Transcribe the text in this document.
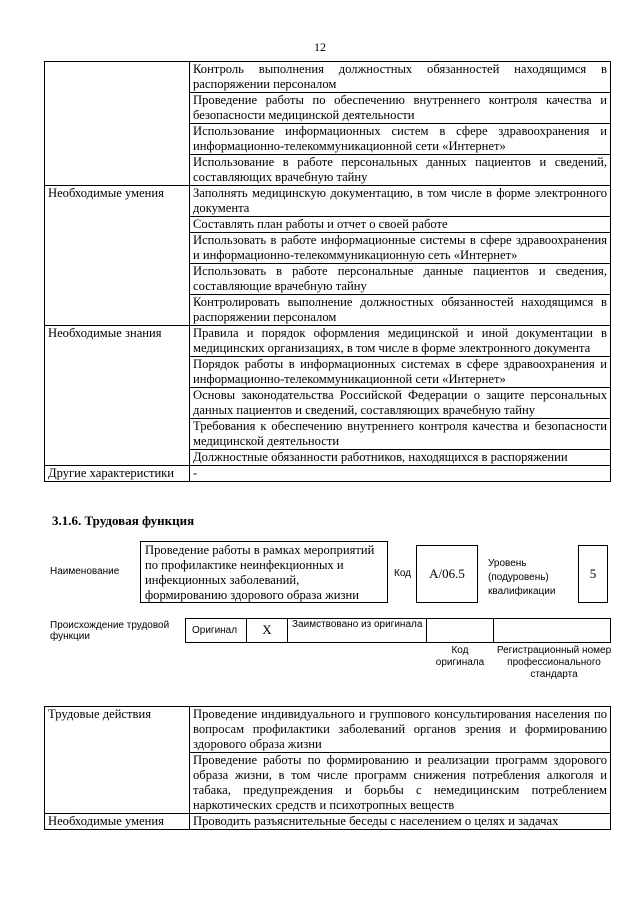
12
	Контроль выполнения должностных обязанностей находящимся в распоряжении персоналом
	Проведение работы по обеспечению внутреннего контроля качества и безопасности медицинской деятельности
	Использование информационных систем в сфере здравоохранения и информационно-телекоммуникационной сети «Интернет»
	Использование в работе персональных данных пациентов и сведений, составляющих врачебную тайну
Необходимые умения	Заполнять медицинскую документацию, в том числе в форме электронного документа
	Составлять план работы и отчет о своей работе
	Использовать в работе информационные системы в сфере здравоохранения и информационно-телекоммуникационную сеть «Интернет»
	Использовать в работе персональные данные пациентов и сведения, составляющие врачебную тайну
	Контролировать выполнение должностных обязанностей находящимся в распоряжении персоналом
Необходимые знания	Правила и порядок оформления медицинской и иной документации в медицинских организациях, в том числе в форме электронного документа
	Порядок работы в информационных системах в сфере здравоохранения и информационно-телекоммуникационной сети «Интернет»
	Основы законодательства Российской Федерации о защите персональных данных пациентов и сведений, составляющих врачебную тайну
	Требования к обеспечению внутреннего контроля качества и безопасности медицинской деятельности
	Должностные обязанности работников, находящихся в распоряжении
Другие характеристики	-
3.1.6. Трудовая функция
Наименование
Проведение работы в рамках мероприятий по профилактике неинфекционных и инфекционных заболеваний, формированию здорового образа жизни
Код	А/06.5
Уровень (подуровень) квалификации
5
Происхождение трудовой функции
Оригинал	X	Заимствовано из оригинала
Код оригинала
Регистрационный номер профессионального стандарта
Трудовые действия	Проведение индивидуального и группового консультирования населения по вопросам профилактики заболеваний органов зрения и формированию здорового образа жизни
	Проведение работы по формированию и реализации программ здорового образа жизни, в том числе программ снижения потребления алкоголя и табака, предупреждения и борьбы с немедицинским потреблением наркотических средств и психотропных веществ
Необходимые умения	Проводить разъяснительные беседы с населением о целях и задачах
